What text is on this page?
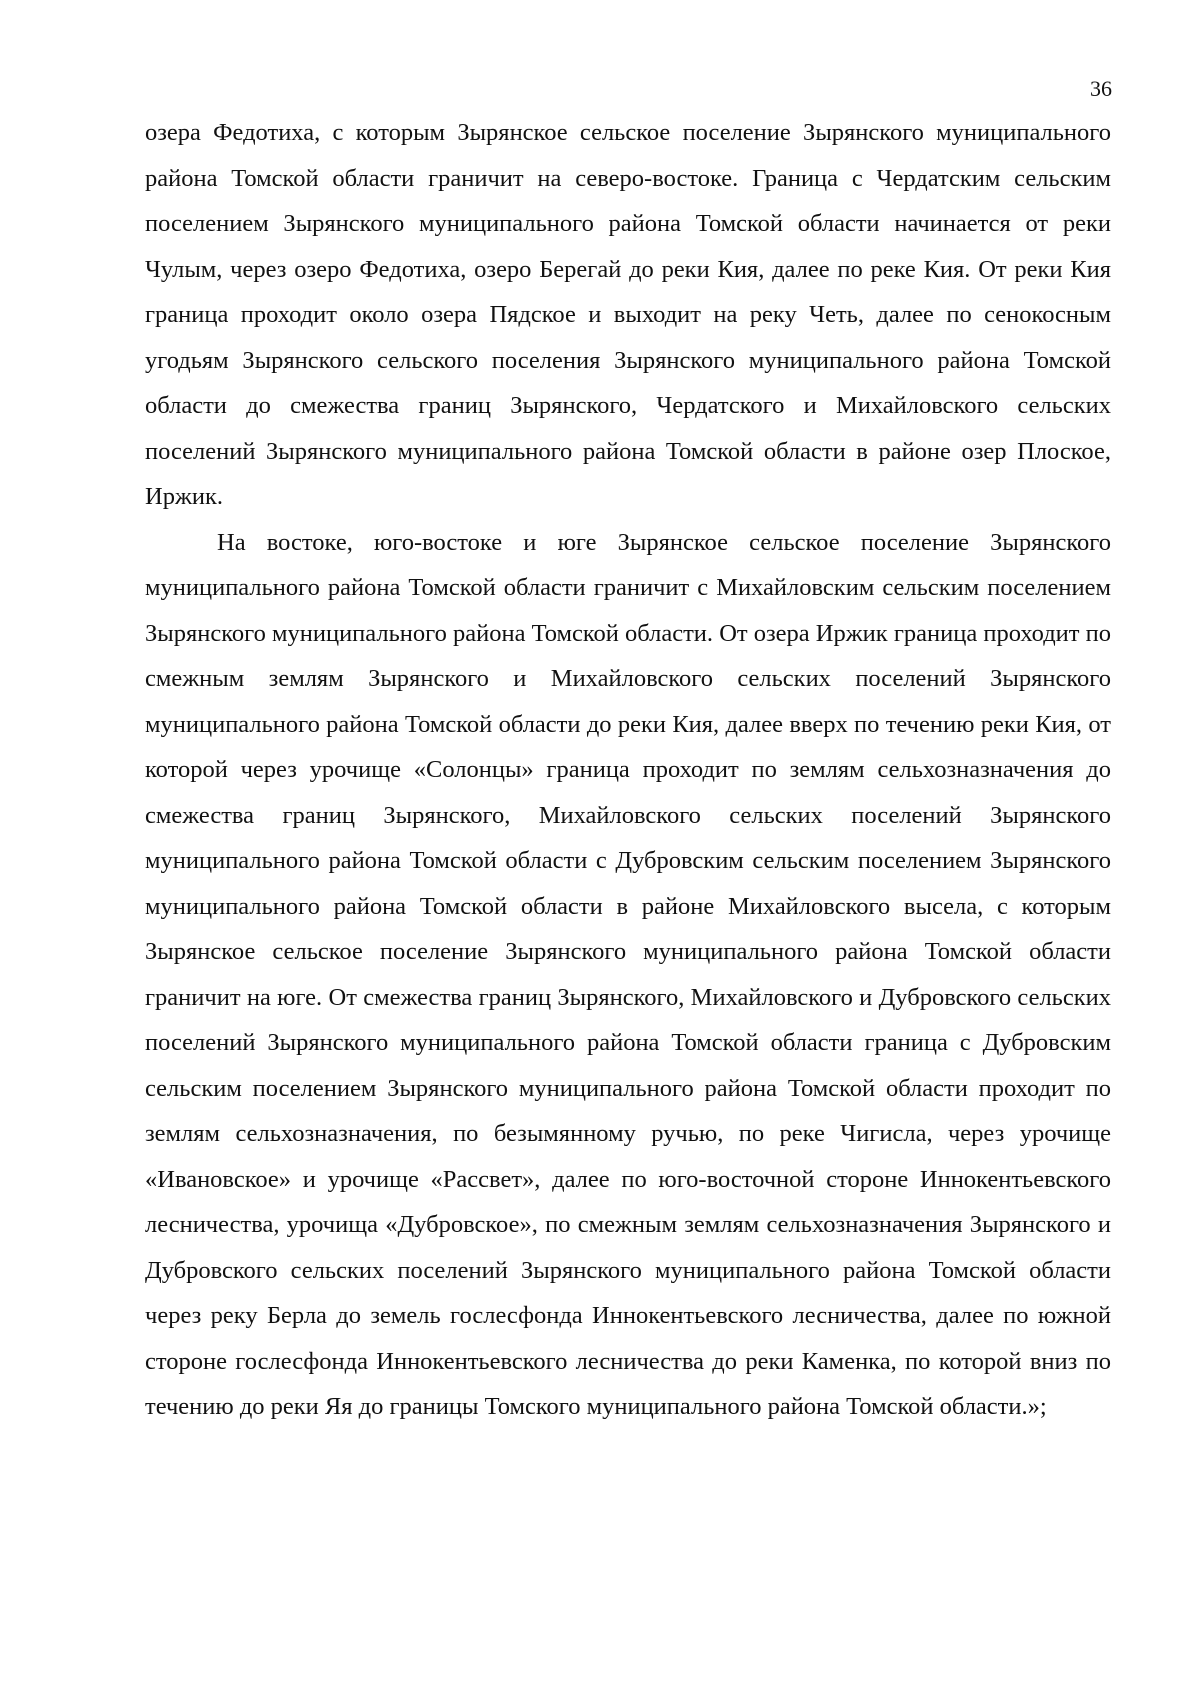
36

озера Федотиха, с которым Зырянское сельское поселение Зырянского муниципального района Томской области граничит на северо-востоке. Граница с Чердатским сельским поселением Зырянского муниципального района Томской области начинается от реки Чулым, через озеро Федотиха, озеро Берегай до реки Кия, далее по реке Кия. От реки Кия граница проходит около озера Пядское и выходит на реку Четь, далее по сенокосным угодьям Зырянского сельского поселения Зырянского муниципального района Томской области до смежества границ Зырянского, Чердатского и Михайловского сельских поселений Зырянского муниципального района Томской области в районе озер Плоское, Иржик.

На востоке, юго-востоке и юге Зырянское сельское поселение Зырянского муниципального района Томской области граничит с Михайловским сельским поселением Зырянского муниципального района Томской области. От озера Иржик граница проходит по смежным землям Зырянского и Михайловского сельских поселений Зырянского муниципального района Томской области до реки Кия, далее вверх по течению реки Кия, от которой через урочище «Солонцы» граница проходит по землям сельхозназначения до смежества границ Зырянского, Михайловского сельских поселений Зырянского муниципального района Томской области с Дубровским сельским поселением Зырянского муниципального района Томской области в районе Михайловского высела, с которым Зырянское сельское поселение Зырянского муниципального района Томской области граничит на юге. От смежества границ Зырянского, Михайловского и Дубровского сельских поселений Зырянского муниципального района Томской области граница с Дубровским сельским поселением Зырянского муниципального района Томской области проходит по землям сельхозназначения, по безымянному ручью, по реке Чигисла, через урочище «Ивановское» и урочище «Рассвет», далее по юго-восточной стороне Иннокентьевского лесничества, урочища «Дубровское», по смежным землям сельхозназначения Зырянского и Дубровского сельских поселений Зырянского муниципального района Томской области через реку Берла до земель гослесфонда Иннокентьевского лесничества, далее по южной стороне гослесфонда Иннокентьевского лесничества до реки Каменка, по которой вниз по течению до реки Яя до границы Томского муниципального района Томской области.»;
